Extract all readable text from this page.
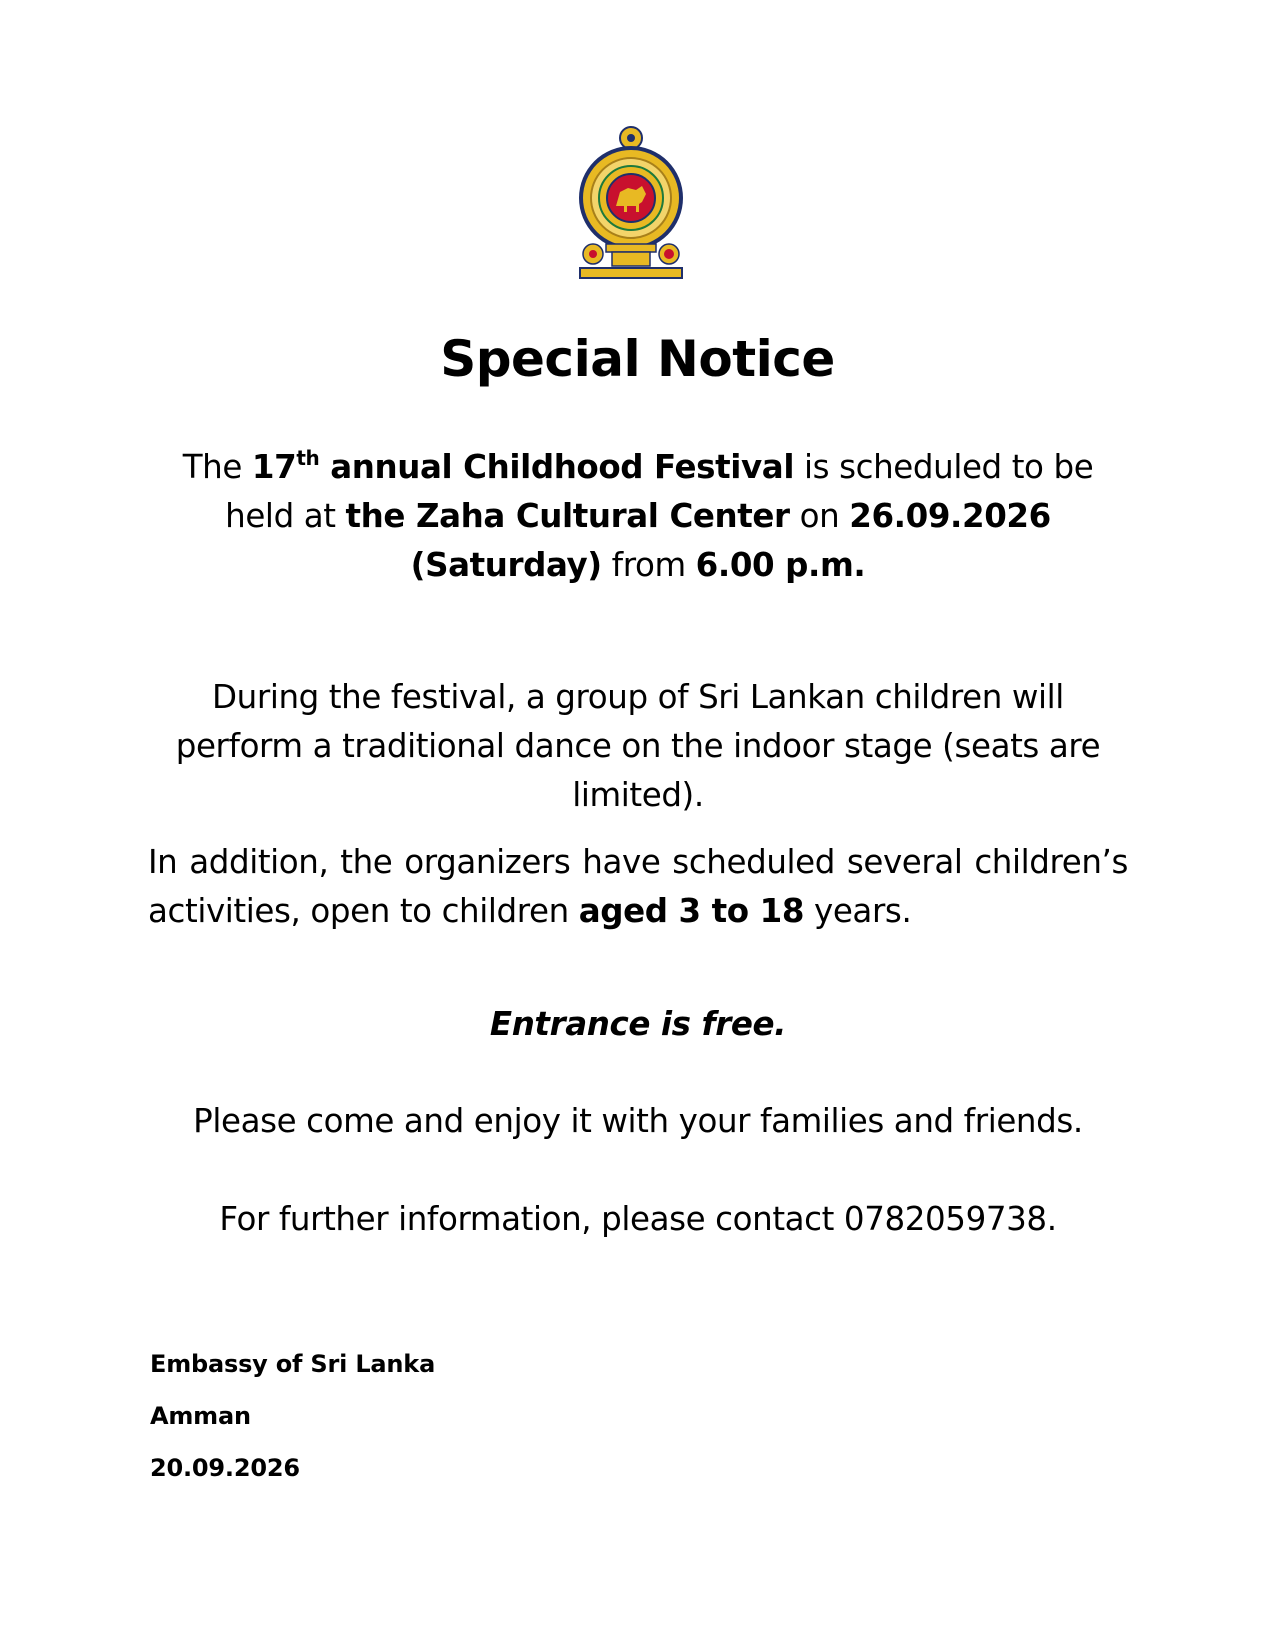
Special Notice
The 17th annual Childhood Festival is scheduled to be held at the Zaha Cultural Center on 26.09.2026 (Saturday) from 6.00 p.m.
During the festival, a group of Sri Lankan children will perform a traditional dance on the indoor stage (seats are limited).
In addition, the organizers have scheduled several children’s activities, open to children aged 3 to 18 years.
Entrance is free.
Please come and enjoy it with your families and friends.
For further information, please contact 0782059738.
Embassy of Sri Lanka
Amman
20.09.2026
